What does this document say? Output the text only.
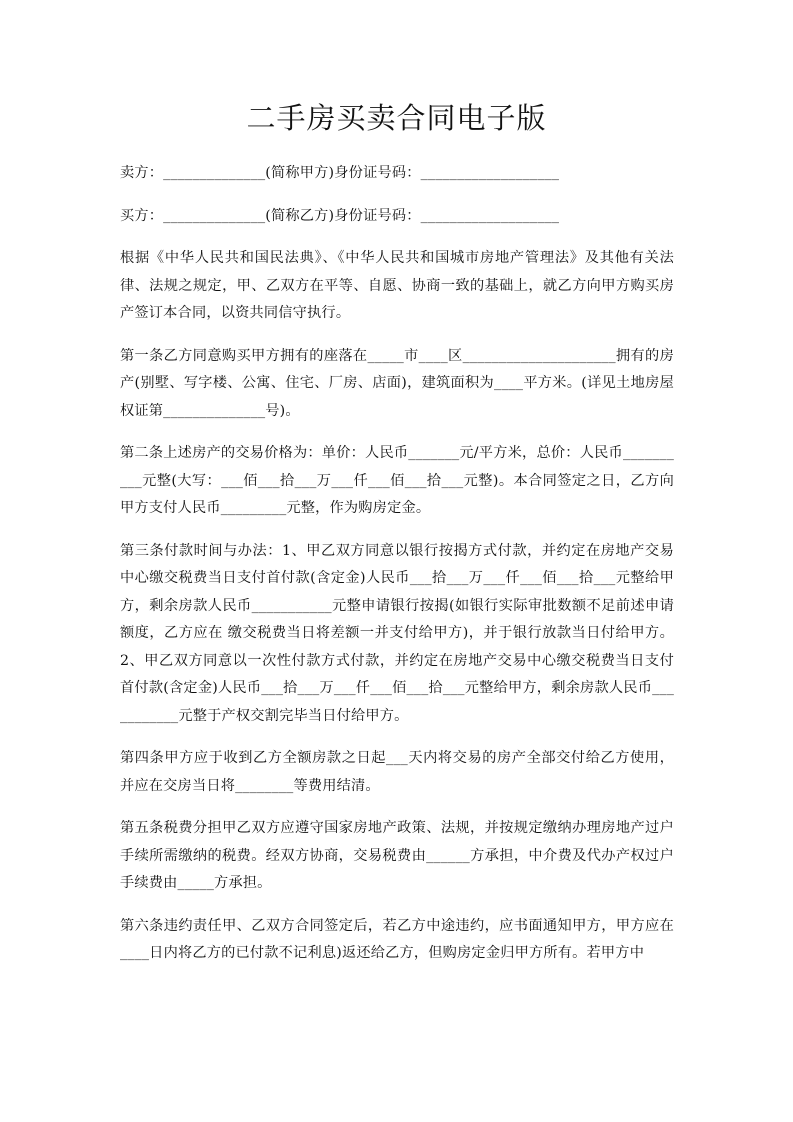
二手房买卖合同电子版

卖方：______________(简称甲方)身份证号码：___________________

买方：______________(简称乙方)身份证号码：___________________

根据《中华人民共和国民法典》、《中华人民共和国城市房地产管理法》及其他有关法律、法规之规定，甲、乙双方在平等、自愿、协商一致的基础上，就乙方向甲方购买房产签订本合同，以资共同信守执行。

第一条乙方同意购买甲方拥有的座落在_____市____区_____________________拥有的房产(别墅、写字楼、公寓、住宅、厂房、店面)，建筑面积为____平方米。(详见土地房屋权证第______________号)。

第二条上述房产的交易价格为：单价：人民币_______元/平方米，总价：人民币__________元整(大写：___佰___拾___万___仟___佰___拾___元整)。本合同签定之日，乙方向甲方支付人民币_________元整，作为购房定金。

第三条付款时间与办法：1、甲乙双方同意以银行按揭方式付款，并约定在房地产交易中心缴交税费当日支付首付款(含定金)人民币___拾___万___仟___佰___拾___元整给甲方，剩余房款人民币___________元整申请银行按揭(如银行实际审批数额不足前述申请额度，乙方应在 缴交税费当日将差额一并支付给甲方)，并于银行放款当日付给甲方。 2、甲乙双方同意以一次性付款方式付款，并约定在房地产交易中心缴交税费当日支付首付款(含定金)人民币___拾___万___仟___佰___拾___元整给甲方，剩余房款人民币___________元整于产权交割完毕当日付给甲方。

第四条甲方应于收到乙方全额房款之日起___天内将交易的房产全部交付给乙方使用，并应在交房当日将________等费用结清。

第五条税费分担甲乙双方应遵守国家房地产政策、法规，并按规定缴纳办理房地产过户手续所需缴纳的税费。经双方协商，交易税费由______方承担，中介费及代办产权过户手续费由_____方承担。

第六条违约责任甲、乙双方合同签定后，若乙方中途违约，应书面通知甲方，甲方应在____日内将乙方的已付款不记利息)返还给乙方，但购房定金归甲方所有。若甲方中
